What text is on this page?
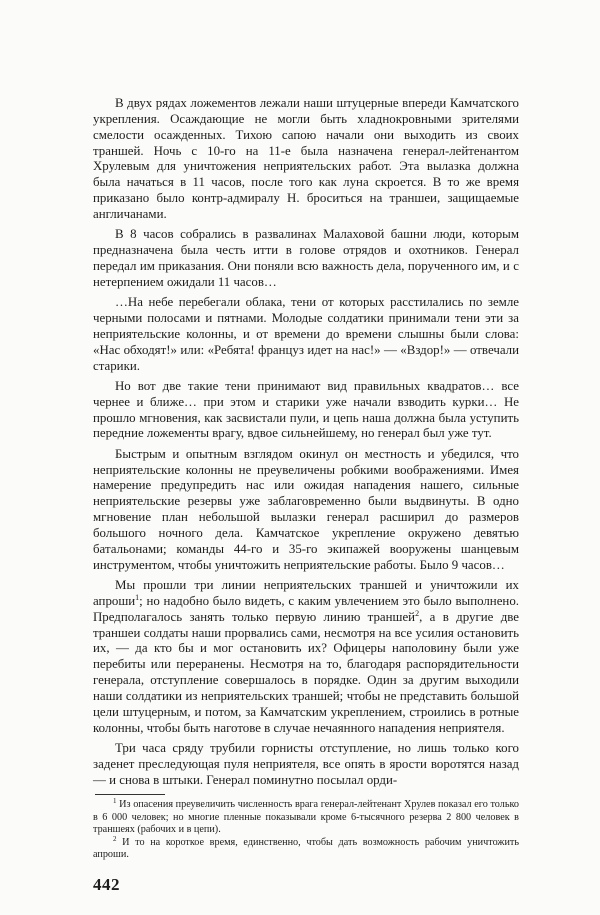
В двух рядах ложементов лежали наши штуцерные впереди Камчатского укрепления. Осаждающие не могли быть хладнокровными зрителями смелости осажденных. Тихою сапою начали они выходить из своих траншей. Ночь с 10-го на 11-е была назначена генерал-лейтенантом Хрулевым для уничтожения неприятельских работ. Эта вылазка должна была начаться в 11 часов, после того как луна скроется. В то же время приказано было контр-адмиралу Н. броситься на траншеи, защищаемые англичанами.

В 8 часов собрались в развалинах Малаховой башни люди, которым предназначена была честь итти в голове отрядов и охотников. Генерал передал им приказания. Они поняли всю важность дела, порученного им, и с нетерпением ожидали 11 часов…

…На небе перебегали облака, тени от которых расстилались по земле черными полосами и пятнами. Молодые солдатики принимали тени эти за неприятельские колонны, и от времени до времени слышны были слова: «Нас обходят!» или: «Ребята! француз идет на нас!» — «Вздор!» — отвечали старики.

Но вот две такие тени принимают вид правильных квадратов… все чернее и ближе… при этом и старики уже начали взводить курки… Не прошло мгновения, как засвистали пули, и цепь наша должна была уступить передние ложементы врагу, вдвое сильнейшему, но генерал был уже тут.

Быстрым и опытным взглядом окинул он местность и убедился, что неприятельские колонны не преувеличены робкими воображениями. Имея намерение предупредить нас или ожидая нападения нашего, сильные неприятельские резервы уже заблаговременно были выдвинуты. В одно мгновение план небольшой вылазки генерал расширил до размеров большого ночного дела. Камчатское укрепление окружено девятью батальонами; команды 44-го и 35-го экипажей вооружены шанцевым инструментом, чтобы уничтожить неприятельские работы. Было 9 часов…

Мы прошли три линии неприятельских траншей и уничтожили их апроши$^1$; но надобно было видеть, с каким увлечением это было выполнено. Предполагалось занять только первую линию траншей$^2$, а в другие две траншеи солдаты наши прорвались сами, несмотря на все усилия остановить их, — да кто бы и мог остановить их? Офицеры наполовину были уже перебиты или переранены. Несмотря на то, благодаря распорядительности генерала, отступление совершалось в порядке. Один за другим выходили наши солдатики из неприятельских траншей; чтобы не представить большой цели штуцерным, и потом, за Камчатским укреплением, строились в ротные колонны, чтобы быть наготове в случае нечаянного нападения неприятеля.

Три часа сряду трубили горнисты отступление, но лишь только кого заденет преследующая пуля неприятеля, все опять в ярости воротятся назад — и снова в штыки. Генерал поминутно посылал орди-

$^1$ Из опасения преувеличить численность врага генерал-лейтенант Хрулев показал его только в 6 000 человек; но многие пленные показывали кроме 6-тысячного резерва 2 800 человек в траншеях (рабочих и в цепи).

$^2$ И то на короткое время, единственно, чтобы дать возможность рабочим уничтожить апроши.

442
